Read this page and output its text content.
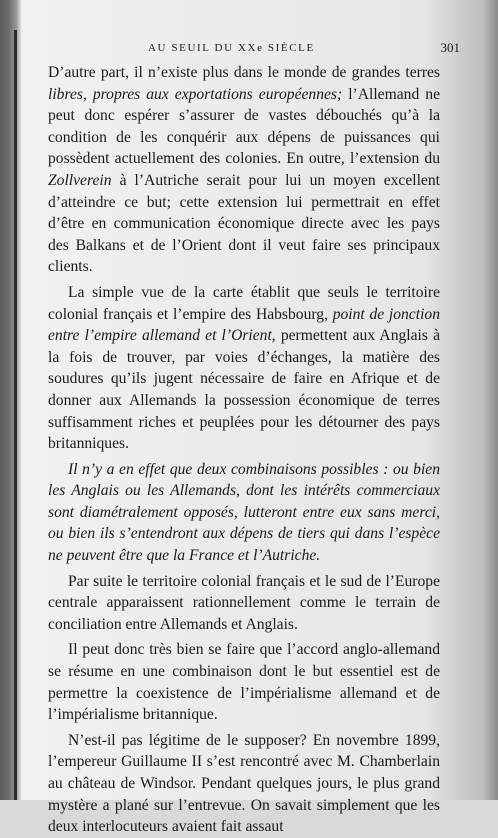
AU SEUIL DU XXe SIÈCLE	301

D’autre part, il n’existe plus dans le monde de grandes terres libres, propres aux exportations européennes; l’Allemand ne peut donc espérer s’assurer de vastes débouchés qu’à la condition de les conquérir aux dépens de puissances qui possèdent actuellement des colonies. En outre, l’extension du Zollverein à l’Autriche serait pour lui un moyen excellent d’atteindre ce but; cette extension lui permettrait en effet d’être en communication économique directe avec les pays des Balkans et de l’Orient dont il veut faire ses principaux clients.

La simple vue de la carte établit que seuls le territoire colonial français et l’empire des Habsbourg, point de jonction entre l’empire allemand et l’Orient, permettent aux Anglais à la fois de trouver, par voies d’échanges, la matière des soudures qu’ils jugent nécessaire de faire en Afrique et de donner aux Allemands la possession économique de terres suffisamment riches et peuplées pour les détourner des pays britanniques.

Il n’y a en effet que deux combinaisons possibles : ou bien les Anglais ou les Allemands, dont les intérêts commerciaux sont diamétralement opposés, lutteront entre eux sans merci, ou bien ils s’entendront aux dépens de tiers qui dans l’espèce ne peuvent être que la France et l’Autriche.

Par suite le territoire colonial français et le sud de l’Europe centrale apparaissent rationnellement comme le terrain de conciliation entre Allemands et Anglais.

Il peut donc très bien se faire que l’accord anglo-allemand se résume en une combinaison dont le but essentiel est de permettre la coexistence de l’impérialisme allemand et de l’impérialisme britannique.

N’est-il pas légitime de le supposer? En novembre 1899, l’empereur Guillaume II s’est rencontré avec M. Chamberlain au château de Windsor. Pendant quelques jours, le plus grand mystère a plané sur l’entrevue. On savait simplement que les deux interlocuteurs avaient fait assaut
